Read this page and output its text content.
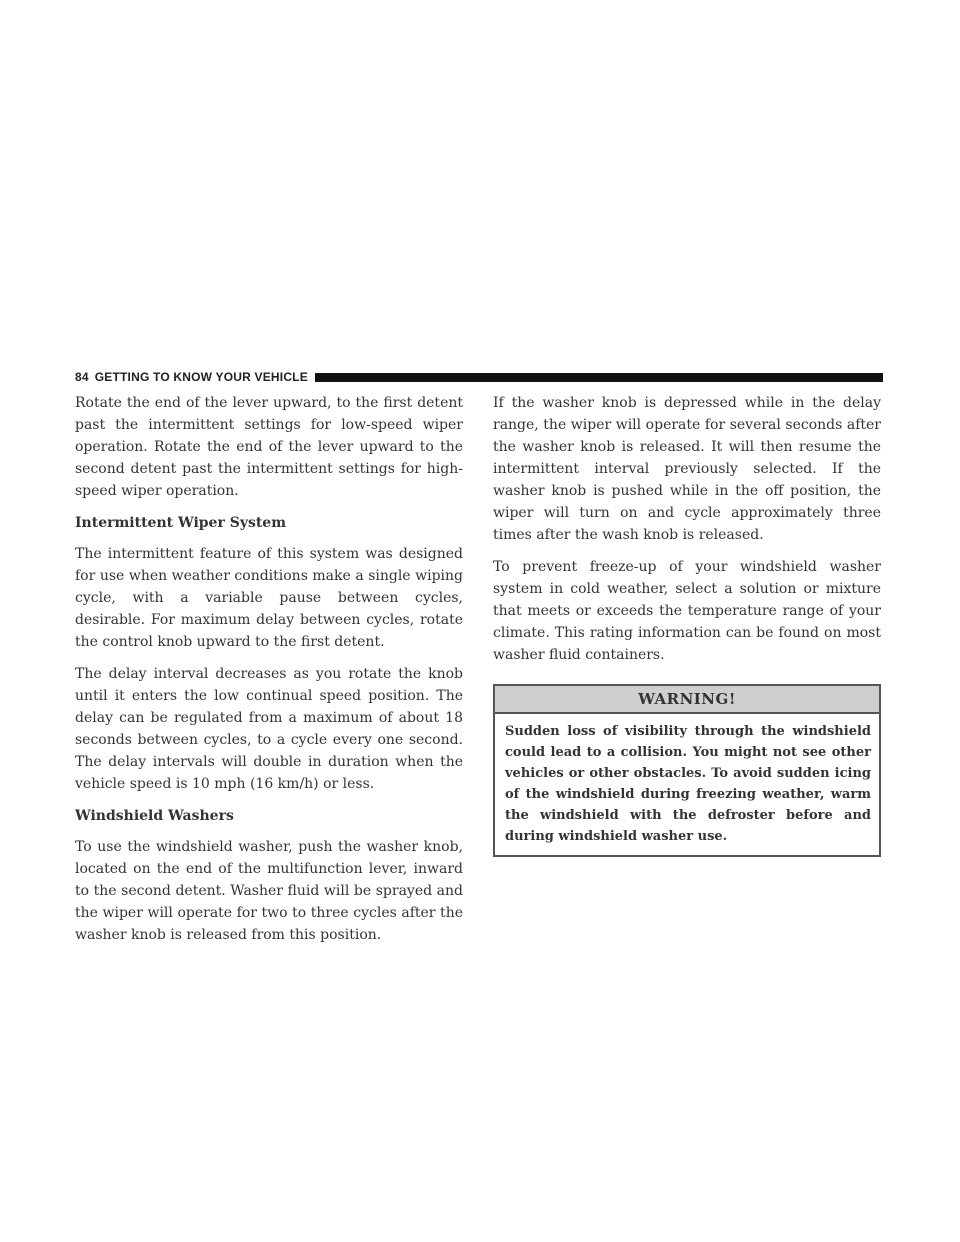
84 GETTING TO KNOW YOUR VEHICLE

Rotate the end of the lever upward, to the first detent past the intermittent settings for low-speed wiper operation. Rotate the end of the lever upward to the second detent past the intermittent settings for high-speed wiper operation.

Intermittent Wiper System

The intermittent feature of this system was designed for use when weather conditions make a single wiping cycle, with a variable pause between cycles, desirable. For maximum delay between cycles, rotate the control knob upward to the first detent.

The delay interval decreases as you rotate the knob until it enters the low continual speed position. The delay can be regulated from a maximum of about 18 seconds between cycles, to a cycle every one second. The delay intervals will double in duration when the vehicle speed is 10 mph (16 km/h) or less.

Windshield Washers

To use the windshield washer, push the washer knob, located on the end of the multifunction lever, inward to the second detent. Washer fluid will be sprayed and the wiper will operate for two to three cycles after the washer knob is released from this position.

If the washer knob is depressed while in the delay range, the wiper will operate for several seconds after the washer knob is released. It will then resume the intermittent interval previously selected. If the washer knob is pushed while in the off position, the wiper will turn on and cycle approximately three times after the wash knob is released.

To prevent freeze-up of your windshield washer system in cold weather, select a solution or mixture that meets or exceeds the temperature range of your climate. This rating information can be found on most washer fluid containers.

WARNING!
Sudden loss of visibility through the windshield could lead to a collision. You might not see other vehicles or other obstacles. To avoid sudden icing of the windshield during freezing weather, warm the windshield with the defroster before and during windshield washer use.
